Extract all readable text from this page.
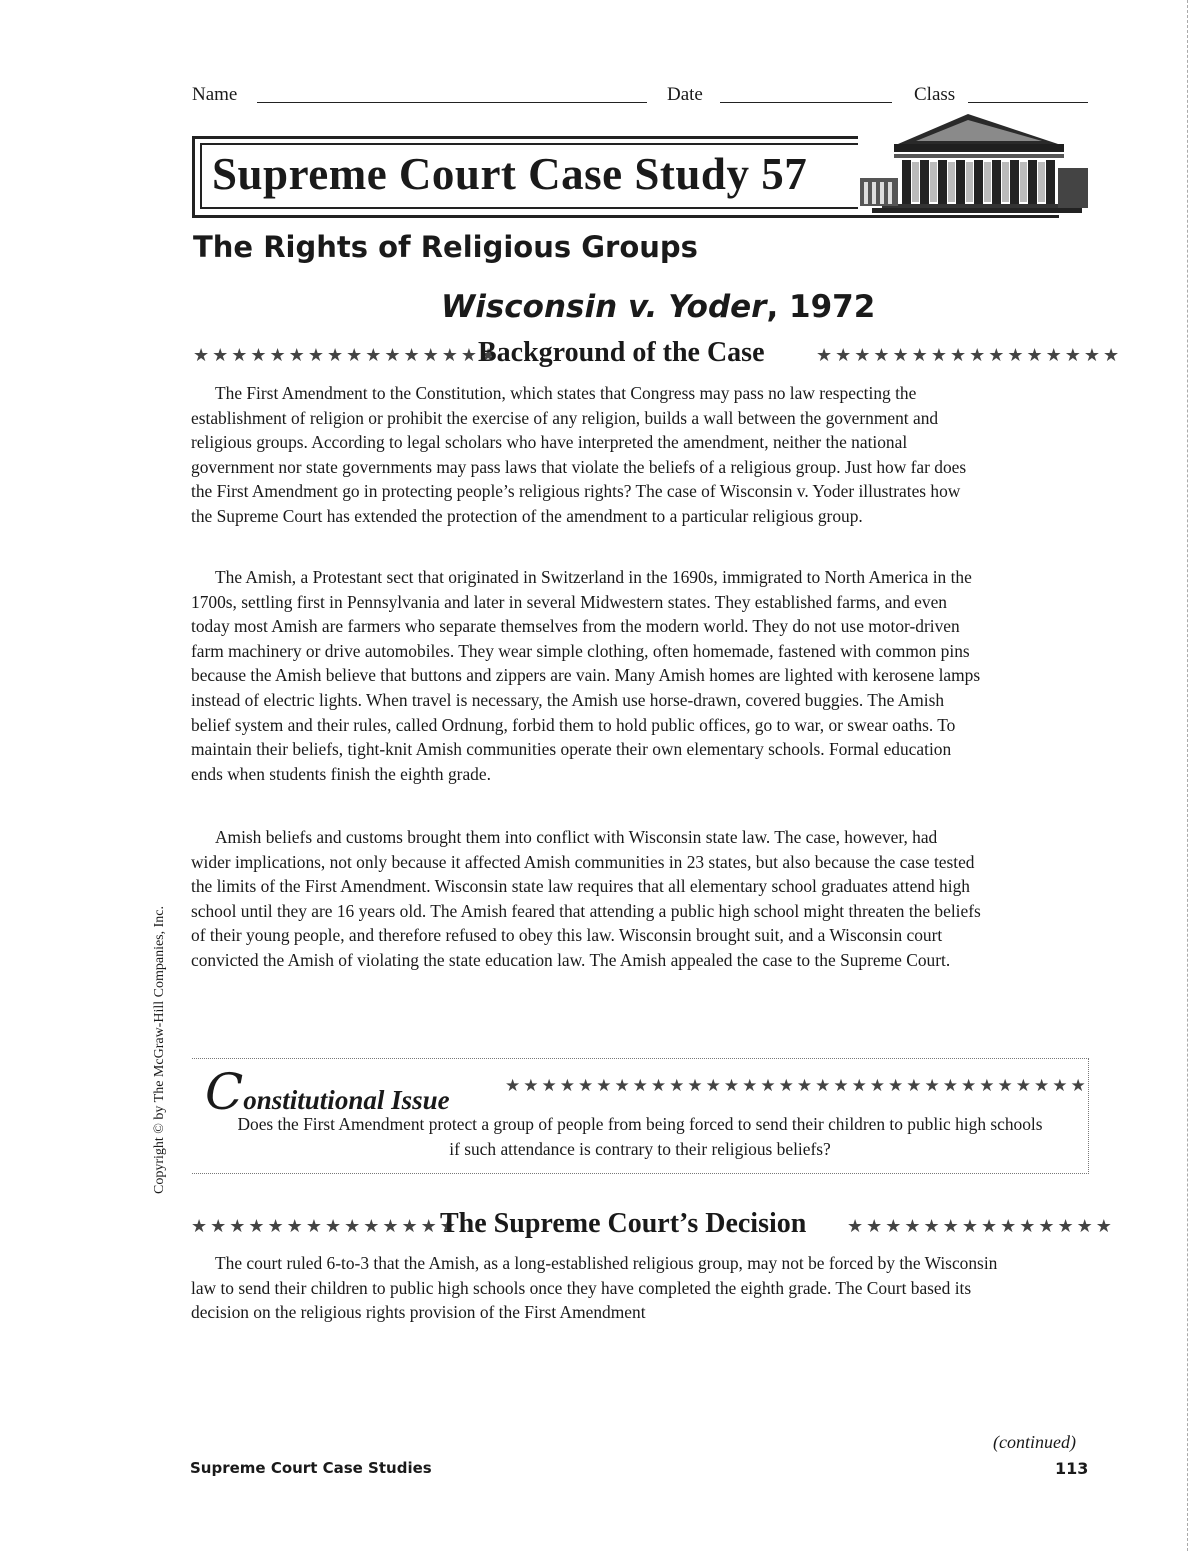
Name	Date	Class
Supreme Court Case Study 57
The Rights of Religious Groups
Wisconsin v. Yoder, 1972
★★★★★★★★★★★★★★★★
Background of the Case	★★★★★★★★★★★★★★★★

The First Amendment to the Constitution, which states that Congress may pass no law respecting the establishment of religion or prohibit the exercise of any religion, builds a wall between the government and religious groups. According to legal scholars who have interpreted the amendment, neither the national government nor state governments may pass laws that violate the beliefs of a religious group. Just how far does the First Amendment go in protecting people’s religious rights? The case of Wisconsin v. Yoder illustrates how the Supreme Court has extended the protection of the amendment to a particular religious group.

The Amish, a Protestant sect that originated in Switzerland in the 1690s, immigrated to North America in the 1700s, settling first in Pennsylvania and later in several Midwestern states. They established farms, and even today most Amish are farmers who separate themselves from the modern world. They do not use motor-driven farm machinery or drive automobiles. They wear simple clothing, often homemade, fastened with common pins because the Amish believe that buttons and zippers are vain. Many Amish homes are lighted with kerosene lamps instead of electric lights. When travel is necessary, the Amish use horse-drawn, covered buggies. The Amish belief system and their rules, called Ordnung, forbid them to hold public offices, go to war, or swear oaths. To maintain their beliefs, tight-knit Amish communities operate their own elementary schools. Formal education ends when students finish the eighth grade.

Amish beliefs and customs brought them into conflict with Wisconsin state law. The case, however, had wider implications, not only because it affected Amish communities in 23 states, but also because the case tested the limits of the First Amendment. Wisconsin state law requires that all elementary school graduates attend high school until they are 16 years old. The Amish feared that attending a public high school might threaten the beliefs of their young people, and therefore refused to obey this law. Wisconsin brought suit, and a Wisconsin court convicted the Amish of violating the state education law. The Amish appealed the case to the Supreme Court.

Constitutional Issue	★★★★★★★★★★★★★★★★★★★★★★★★★★★★★★★★
Does the First Amendment protect a group of people from being forced to send their children to public high schools if such attendance is contrary to their religious beliefs?
★★★★★★★★★★★★★★
The Supreme Court’s Decision ★★★★★★★★★★★★★★

The court ruled 6-to-3 that the Amish, as a long-established religious group, may not be forced by the Wisconsin law to send their children to public high schools once they have completed the eighth grade. The Court based its decision on the religious rights provision of the First Amendment

(continued)
Supreme Court Case Studies	113
Copyright © by The McGraw-Hill Companies, Inc.
